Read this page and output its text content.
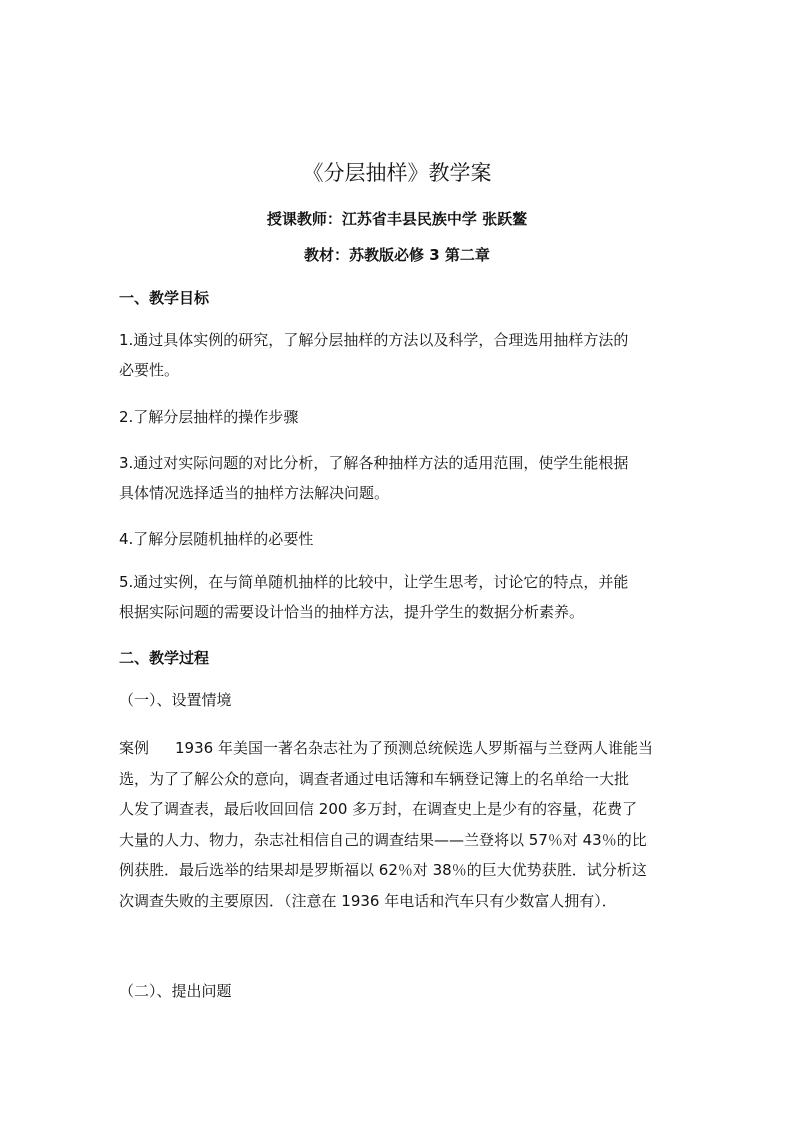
《分层抽样》教学案
授课教师：江苏省丰县民族中学 张跃鳌
教材：苏教版必修 3 第二章
一、教学目标
1.通过具体实例的研究，了解分层抽样的方法以及科学，合理选用抽样方法的
必要性。
2.了解分层抽样的操作步骤
3.通过对实际问题的对比分析，了解各种抽样方法的适用范围，使学生能根据
具体情况选择适当的抽样方法解决问题。
4.了解分层随机抽样的必要性
5.通过实例，在与简单随机抽样的比较中，让学生思考，讨论它的特点，并能
根据实际问题的需要设计恰当的抽样方法，提升学生的数据分析素养。
二、教学过程
（一）、设置情境
案例 1936 年美国一著名杂志社为了预测总统候选人罗斯福与兰登两人谁能当
选，为了了解公众的意向，调查者通过电话簿和车辆登记簿上的名单给一大批
人发了调查表，最后收回回信 200 多万封，在调查史上是少有的容量，花费了
大量的人力、物力，杂志社相信自己的调查结果——兰登将以 57％对 43％的比
例获胜．最后选举的结果却是罗斯福以 62％对 38％的巨大优势获胜．试分析这
次调查失败的主要原因．（注意在 1936 年电话和汽车只有少数富人拥有）．
（二）、提出问题
